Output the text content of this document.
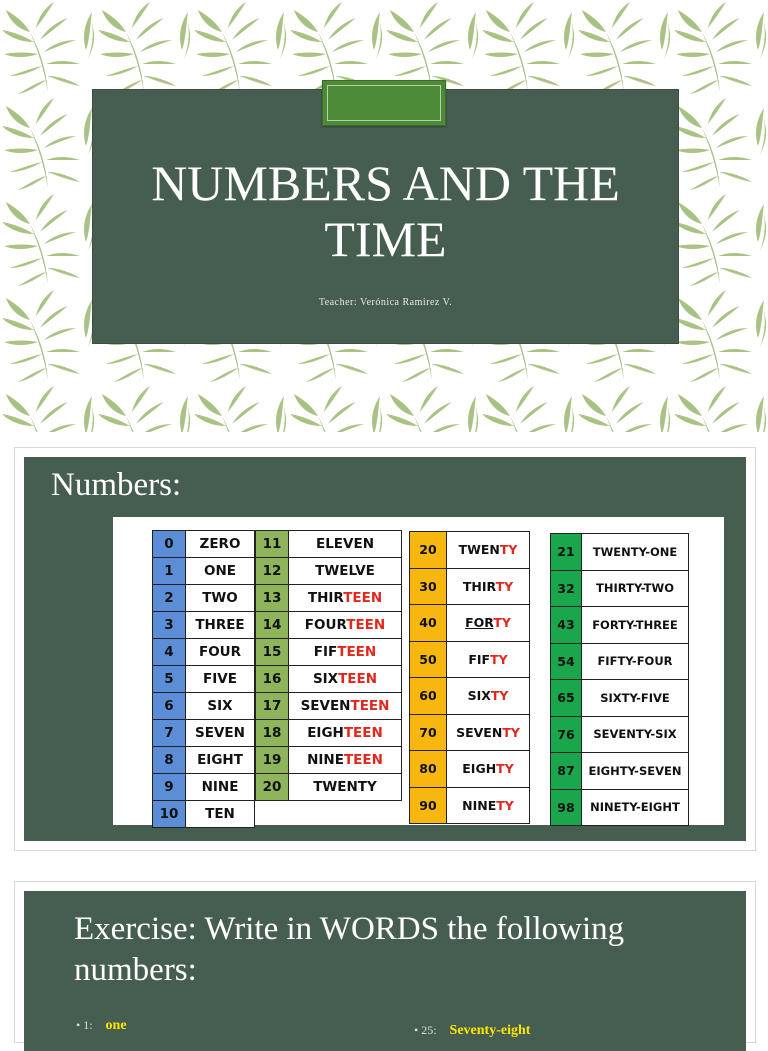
NUMBERS AND THE
TIME
Teacher: Verónica Ramirez V.
Numbers:
0	ZERO
1	ONE
2	TWO
3	THREE
4	FOUR
5	FIVE
6	SIX
7	SEVEN
8	EIGHT
9	NINE
10	TEN
11	ELEVEN
12	TWELVE
13	THIRTEEN
14	FOURTEEN
15	FIFTEEN
16	SIXTEEN
17	SEVENTEEN
18	EIGHTEEN
19	NINETEEN
20	TWENTY
20	TWENTY
30	THIRTY
40	FORTY
50	FIFTY
60	SIXTY
70	SEVENTY
80	EIGHTY
90	NINETY
21	TWENTY-ONE
32	THIRTY-TWO
43	FORTY-THREE
54	FIFTY-FOUR
65	SIXTY-FIVE
76	SEVENTY-SIX
87	EIGHTY-SEVEN
98	NINETY-EIGHT
Exercise: Write in WORDS the following numbers:
• 1: one	• 25: Seventy-eight
